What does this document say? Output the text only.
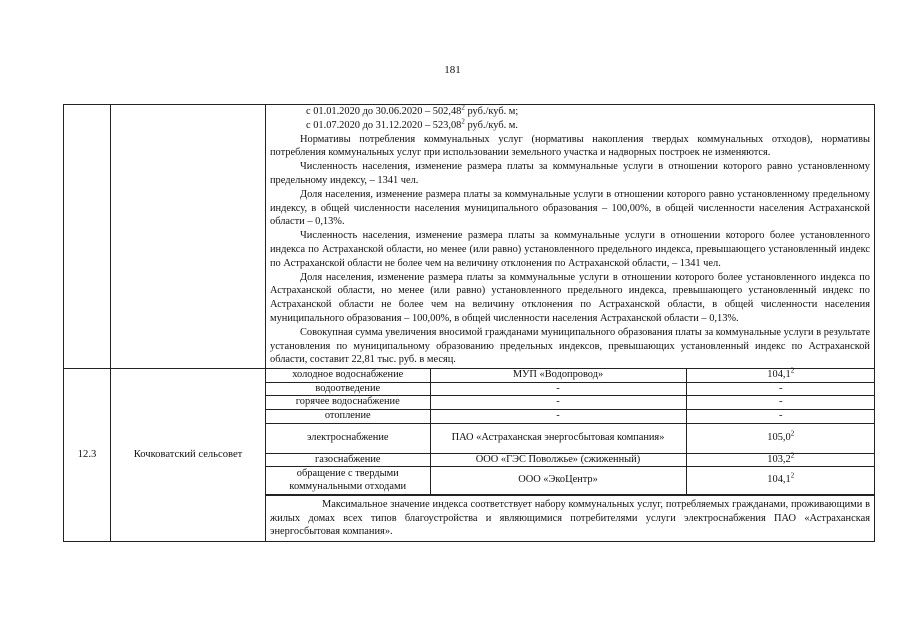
181

с 01.01.2020 до 30.06.2020 – 502,48$^2$ руб./куб. м;

с 01.07.2020 до 31.12.2020 – 523,08$^2$ руб./куб. м.

Нормативы потребления коммунальных услуг (нормативы накопления твердых коммунальных отходов), нормативы потребления коммунальных услуг при использовании земельного участка и надворных построек не изменяются.

Численность населения, изменение размера платы за коммунальные услуги в отношении которого равно установленному предельному индексу, – 1341 чел.

Доля населения, изменение размера платы за коммунальные услуги в отношении которого равно установленному предельному индексу, в общей численности населения муниципального образования – 100,00%, в общей численности населения Астраханской области – 0,13%.

Численность населения, изменение размера платы за коммунальные услуги в отношении которого более установленного индекса по Астраханской области, но менее (или равно) установленного предельного индекса, превышающего установленный индекс по Астраханской области не более чем на величину отклонения по Астраханской области, – 1341 чел.

Доля населения, изменение размера платы за коммунальные услуги в отношении которого более установленного индекса по Астраханской области, но менее (или равно) установленного предельного индекса, превышающего установленный индекс по Астраханской области не более чем на величину отклонения по Астраханской области, в общей численности населения муниципального образования – 100,00%, в общей численности населения Астраханской области – 0,13%.

Совокупная сумма увеличения вносимой гражданами муниципального образования платы за коммунальные услуги в результате установления по муниципальному образованию предельных индексов, превышающих установленный индекс по Астраханской области, составит 22,81 тыс. руб. в месяц.

12.3	Кочковатский сельсовет	
холодное водоснабжение	МУП «Водопровод»	104,1$^2$
водоотведение	-	-
горячее водоснабжение	-	-
отопление	-	-
электроснабжение	ПАО «Астраханская энергосбытовая компания»	105,0$^2$
газоснабжение	ООО «ГЭС Поволжье» (сжиженный)	103,2$^2$
обращение с твердыми коммунальными отходами	ООО «ЭкоЦентр»	104,1$^2$

Максимальное значение индекса соответствует набору коммунальных услуг, потребляемых гражданами, проживающими в жилых домах всех типов благоустройства и являющимися потребителями услуги электроснабжения ПАО «Астраханская энергосбытовая компания».
